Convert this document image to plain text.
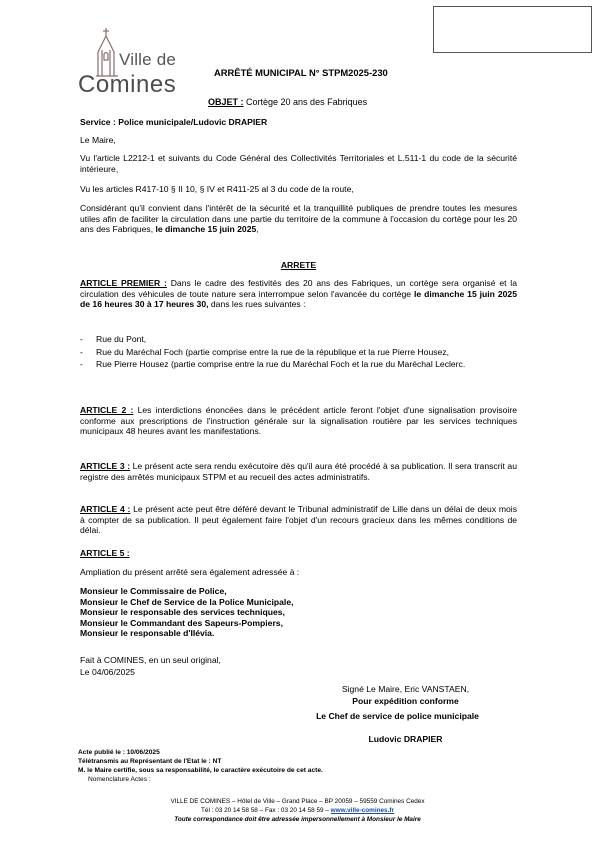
Ville de
Comines	ARRÊTÉ MUNICIPAL N° STPM2025-230
OBJET : Cortège 20 ans des Fabriques
Service : Police municipale/Ludovic DRAPIER
Le Maire,
Vu l'article L2212-1 et suivants du Code Général des Collectivités Territoriales et L.511-1 du code de la sécurité intérieure,
Vu les articles R417-10 § II 10, § IV et R411-25 al 3 du code de la route,
Considérant qu'il convient dans l'intérêt de la sécurité et la tranquillité publiques de prendre toutes les mesures utiles afin de faciliter la circulation dans une partie du territoire de la commune à l'occasion du cortège pour les 20 ans des Fabriques, le dimanche 15 juin 2025,
ARRETE
ARTICLE PREMIER : Dans le cadre des festivités des 20 ans des Fabriques, un cortège sera organisé et la circulation des véhicules de toute nature sera interrompue selon l'avancée du cortège le dimanche 15 juin 2025 de 16 heures 30 à 17 heures 30, dans les rues suivantes :
- Rue du Pont,
- Rue du Maréchal Foch (partie comprise entre la rue de la république et la rue Pierre Housez,
- Rue Pierre Housez (partie comprise entre la rue du Maréchal Foch et la rue du Maréchal Leclerc.
ARTICLE 2 : Les interdictions énoncées dans le précédent article feront l'objet d'une signalisation provisoire conforme aux prescriptions de l'instruction générale sur la signalisation routière par les services techniques municipaux 48 heures avant les manifestations.
ARTICLE 3 : Le présent acte sera rendu exécutoire dès qu'il aura été procédé à sa publication. Il sera transcrit au registre des arrêtés municipaux STPM et au recueil des actes administratifs.
ARTICLE 4 : Le présent acte peut être déféré devant le Tribunal administratif de Lille dans un délai de deux mois à compter de sa publication. Il peut également faire l'objet d'un recours gracieux dans les mêmes conditions de délai.
ARTICLE 5 :
Ampliation du présent arrêté sera également adressée à :
Monsieur le Commissaire de Police,
Monsieur le Chef de Service de la Police Municipale,
Monsieur le responsable des services techniques,
Monsieur le Commandant des Sapeurs-Pompiers,
Monsieur le responsable d'Ilévia.
Fait à COMINES, en un seul original,
Le 04/06/2025
Signé Le Maire, Eric VANSTAEN,
Pour expédition conforme
Le Chef de service de police municipale
Ludovic DRAPIER
Acte publié le : 10/06/2025
Télétransmis au Représentant de l'Etat le : NT
M. le Maire certifie, sous sa responsabilité, le caractère exécutoire de cet acte.
Nomenclature Actes :
VILLE DE COMINES – Hôtel de Ville – Grand Place – BP 20059 – 59559 Comines Cedex
Tél : 03 20 14 58 58 – Fax : 03 20 14 58 59 – www.ville-comines.fr
Toute correspondance doit être adressée impersonnellement à Monsieur le Maire
